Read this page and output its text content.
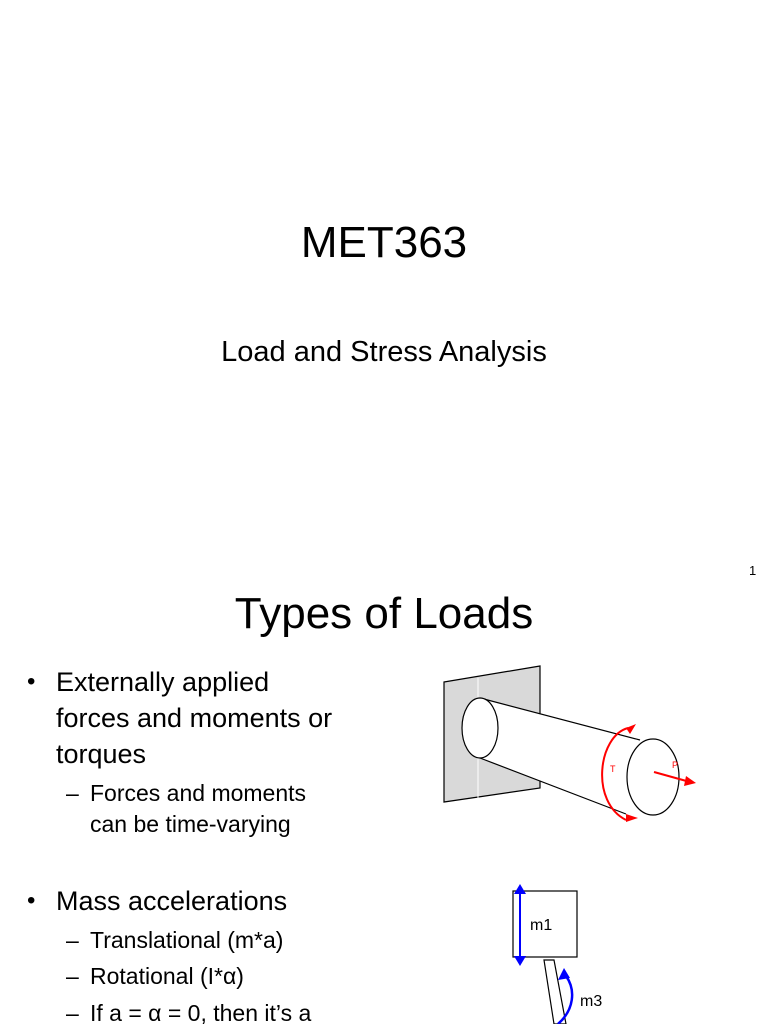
MET363
Load and Stress Analysis
1
Types of Loads
• Externally applied
forces and moments or
torques
– Forces and moments
can be time-varying
• Mass accelerations
– Translational (m*a)
– Rotational (I*α)
– If a = α = 0, then it’s a
T	P
m1
m3
